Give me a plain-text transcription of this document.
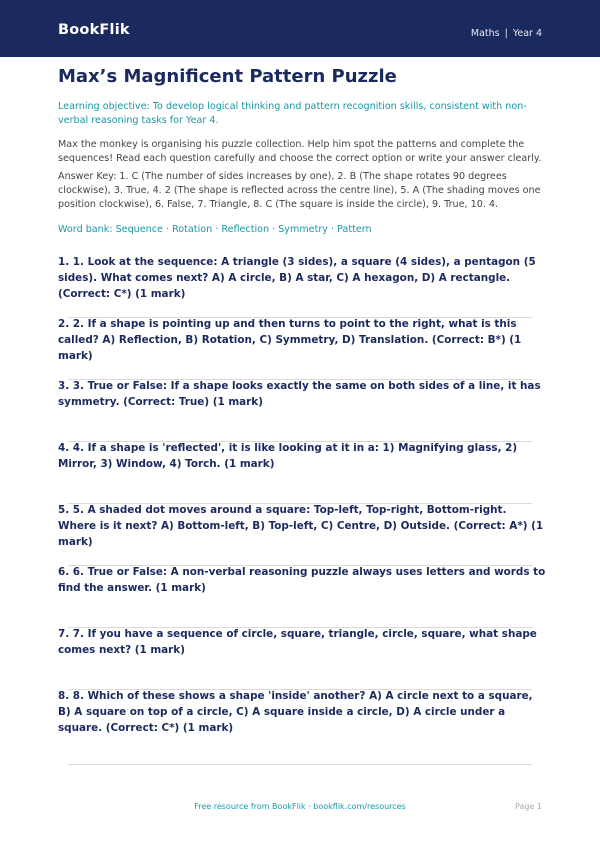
BookFlik	Maths | Year 4
Max’s Magnificent Pattern Puzzle

Learning objective: To develop logical thinking and pattern recognition skills, consistent with non-verbal reasoning tasks for Year 4.

Max the monkey is organising his puzzle collection. Help him spot the patterns and complete the sequences! Read each question carefully and choose the correct option or write your answer clearly.

Answer Key: 1. C (The number of sides increases by one), 2. B (The shape rotates 90 degrees clockwise), 3. True, 4. 2 (The shape is reflected across the centre line), 5. A (The shading moves one position clockwise), 6. False, 7. Triangle, 8. C (The square is inside the circle), 9. True, 10. 4.

Word bank: Sequence · Rotation · Reflection · Symmetry · Pattern

1. 1. Look at the sequence: A triangle (3 sides), a square (4 sides), a pentagon (5 sides). What comes next? A) A circle, B) A star, C) A hexagon, D) A rectangle. (Correct: C*) (1 mark)

2. 2. If a shape is pointing up and then turns to point to the right, what is this called? A) Reflection, B) Rotation, C) Symmetry, D) Translation. (Correct: B*) (1 mark)

3. 3. True or False: If a shape looks exactly the same on both sides of a line, it has symmetry. (Correct: True) (1 mark)

4. 4. If a shape is 'reflected', it is like looking at it in a: 1) Magnifying glass, 2) Mirror, 3) Window, 4) Torch. (1 mark)

5. 5. A shaded dot moves around a square: Top-left, Top-right, Bottom-right. Where is it next? A) Bottom-left, B) Top-left, C) Centre, D) Outside. (Correct: A*) (1 mark)

6. 6. True or False: A non-verbal reasoning puzzle always uses letters and words to find the answer. (1 mark)

7. 7. If you have a sequence of circle, square, triangle, circle, square, what shape comes next? (1 mark)

8. 8. Which of these shows a shape 'inside' another? A) A circle next to a square, B) A square on top of a circle, C) A square inside a circle, D) A circle under a square. (Correct: C*) (1 mark)

Free resource from BookFlik · bookflik.com/resources	Page 1
